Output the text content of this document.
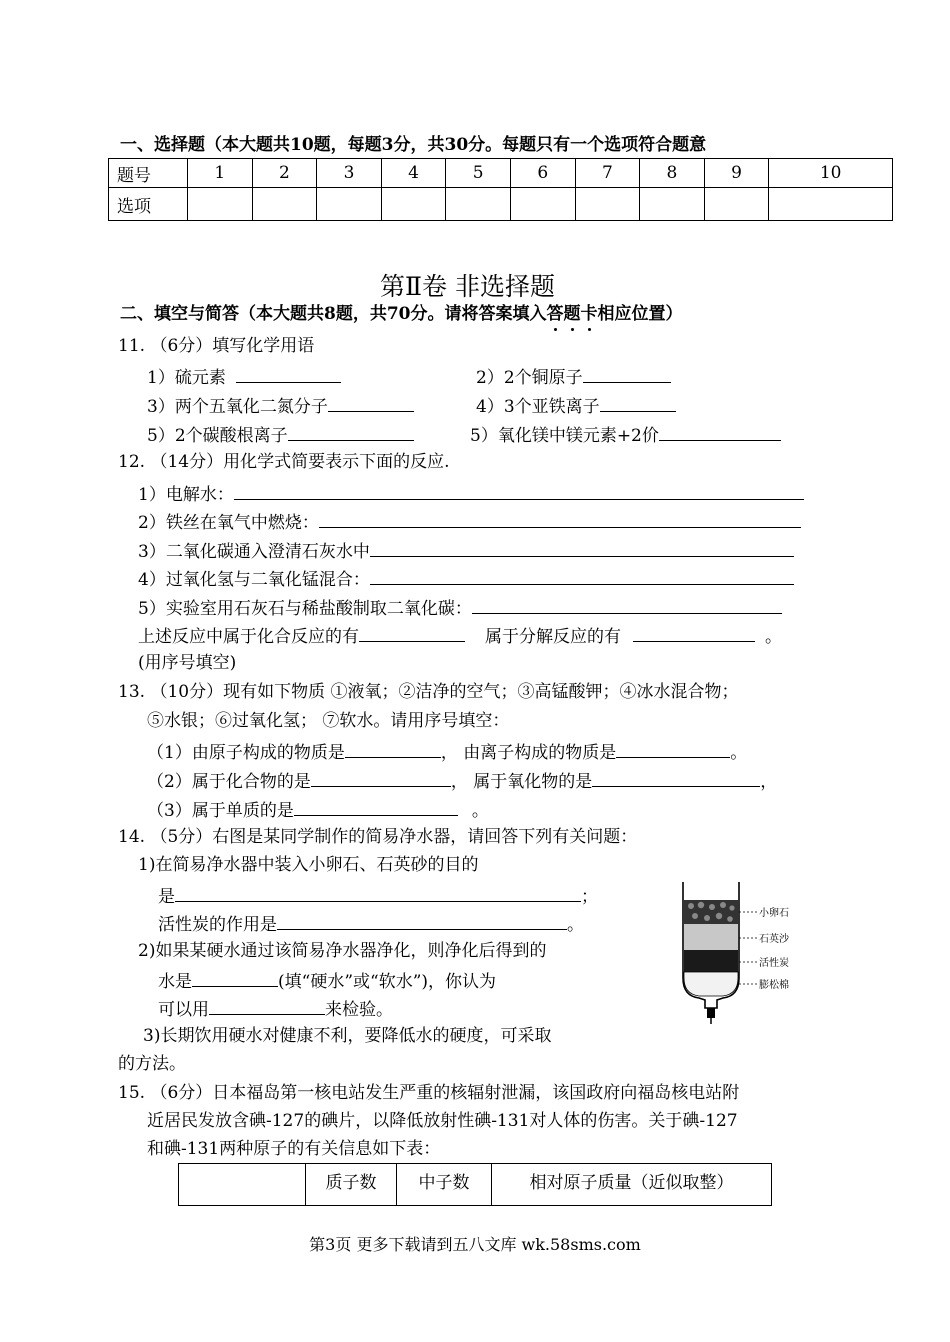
一、选择题（本大题共10题，每题3分，共30分。每题只有一个选项符合题意
题号	1	2	3	4	5	6	7	8	9	10
选项										
第Ⅱ卷 非选择题
二、填空与简答（本大题共8题，共70分。请将答案填入答题卡相应位置）
11. （6分）填写化学用语
1）硫元素	2）2个铜原子
3）两个五氧化二氮分子	4）3个亚铁离子
5）2个碳酸根离子	5）氧化镁中镁元素+2价
12. （14分）用化学式简要表示下面的反应.
1）电解水：
2）铁丝在氧气中燃烧：
3）二氧化碳通入澄清石灰水中
4）过氧化氢与二氧化锰混合：
5）实验室用石灰石与稀盐酸制取二氧化碳：
上述反应中属于化合反应的有	属于分解反应的有	。
(用序号填空)
13. （10分）现有如下物质 ①液氧；②洁净的空气；③高锰酸钾；④冰水混合物；
⑤水银；⑥过氧化氢； ⑦软水。请用序号填空：
（1）由原子构成的物质是	， 由离子构成的物质是	。
（2）属于化合物的是	， 属于氧化物的是	，
（3）属于单质的是	。
14. （5分）右图是某同学制作的简易净水器，请回答下列有关问题：
1)在简易净水器中装入小卵石、石英砂的目的
是	；
活性炭的作用是	。
2)如果某硬水通过该简易净水器净化，则净化后得到的
水是	(填“硬水”或“软水”)，你认为
可以用	来检验。
3)长期饮用硬水对健康不利，要降低水的硬度，可采取
的方法。
小卵石
石英沙
活性炭
膨松棉
15. （6分）日本福岛第一核电站发生严重的核辐射泄漏，该国政府向福岛核电站附
近居民发放含碘-127的碘片，以降低放射性碘-131对人体的伤害。关于碘-127
和碘-131两种原子的有关信息如下表：
	质子数	中子数	相对原子质量（近似取整）
第3页 更多下载请到五八文库 wk.58sms.com
